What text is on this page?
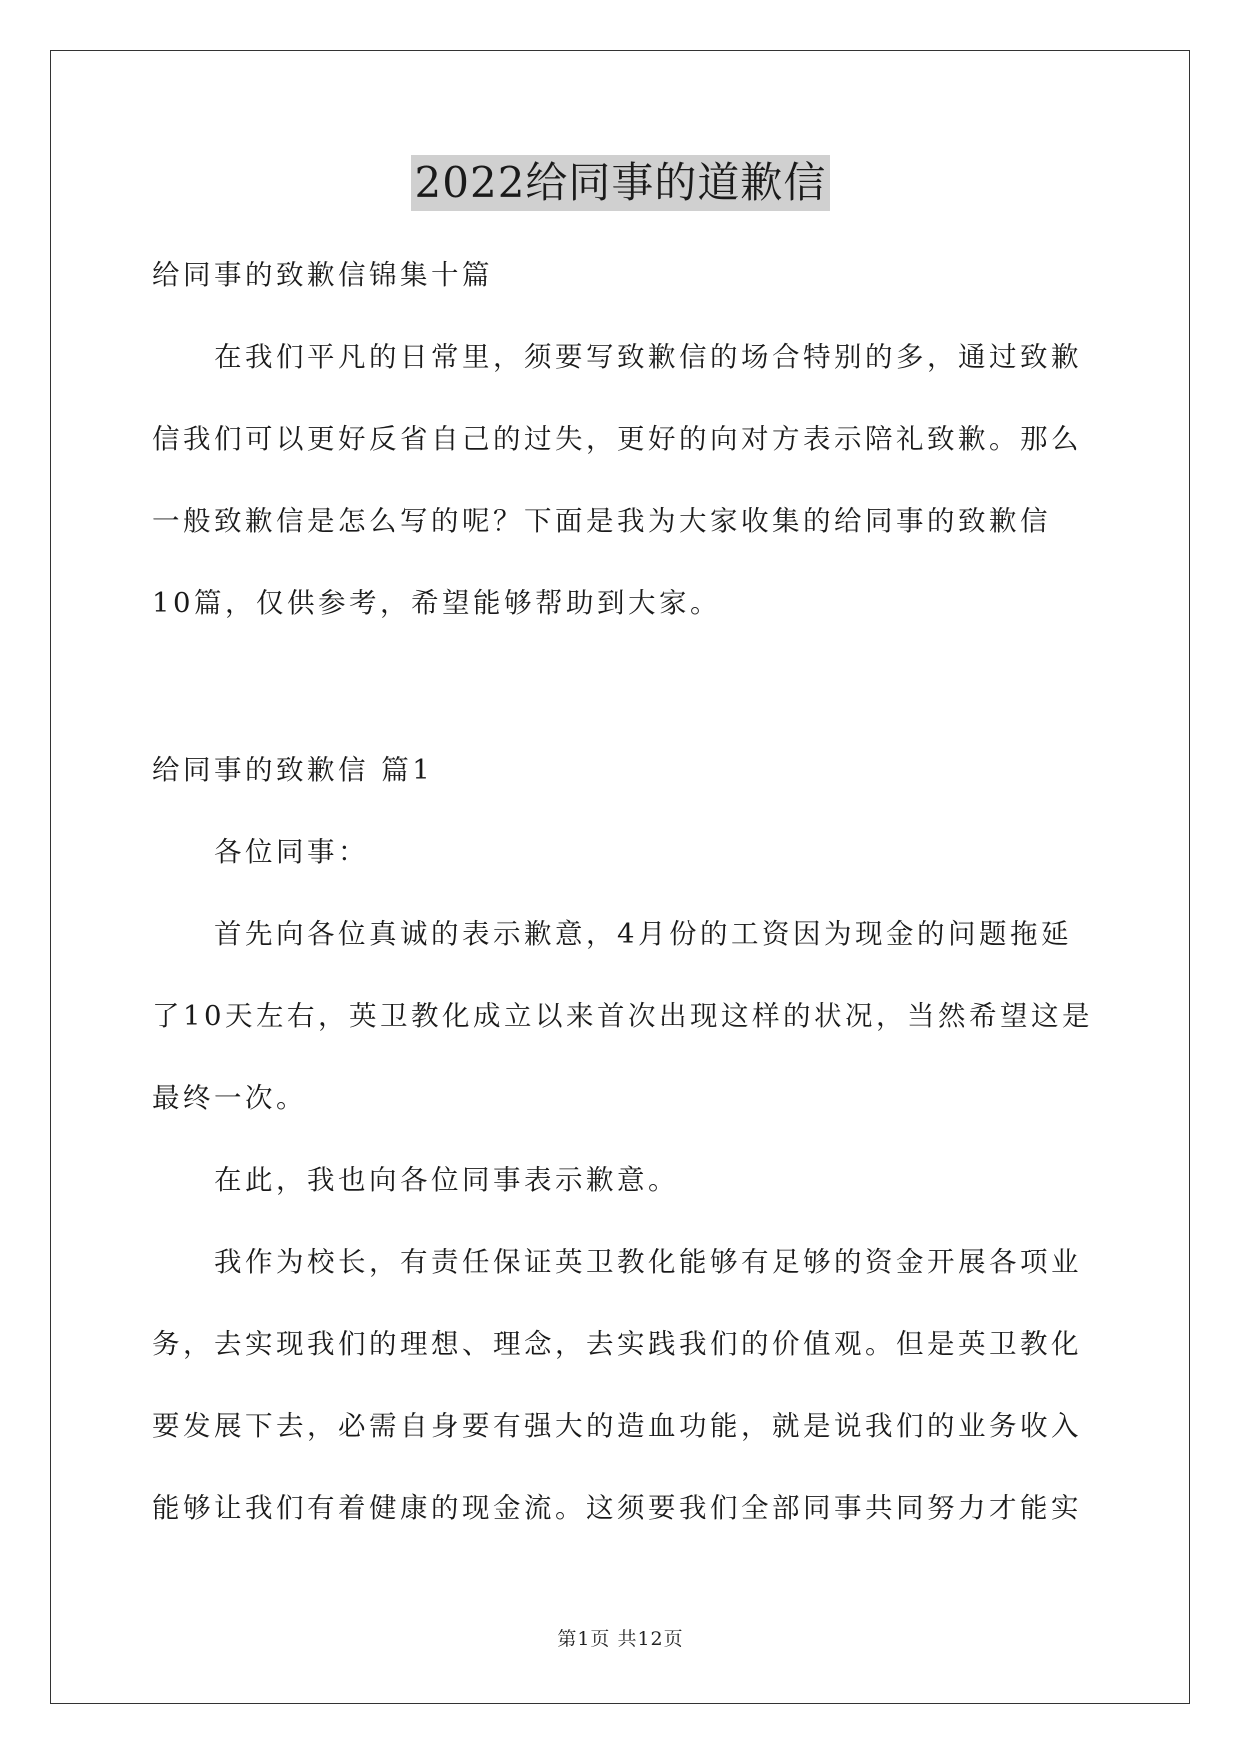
2022给同事的道歉信
给同事的致歉信锦集十篇
在我们平凡的日常里，须要写致歉信的场合特别的多，通过致歉
信我们可以更好反省自己的过失，更好的向对方表示陪礼致歉。那么
一般致歉信是怎么写的呢？下面是我为大家收集的给同事的致歉信
10篇，仅供参考，希望能够帮助到大家。
给同事的致歉信 篇1
各位同事：
首先向各位真诚的表示歉意，4月份的工资因为现金的问题拖延
了10天左右，英卫教化成立以来首次出现这样的状况，当然希望这是
最终一次。
在此，我也向各位同事表示歉意。
我作为校长，有责任保证英卫教化能够有足够的资金开展各项业
务，去实现我们的理想、理念，去实践我们的价值观。但是英卫教化
要发展下去，必需自身要有强大的造血功能，就是说我们的业务收入
能够让我们有着健康的现金流。这须要我们全部同事共同努力才能实
第1页 共12页
